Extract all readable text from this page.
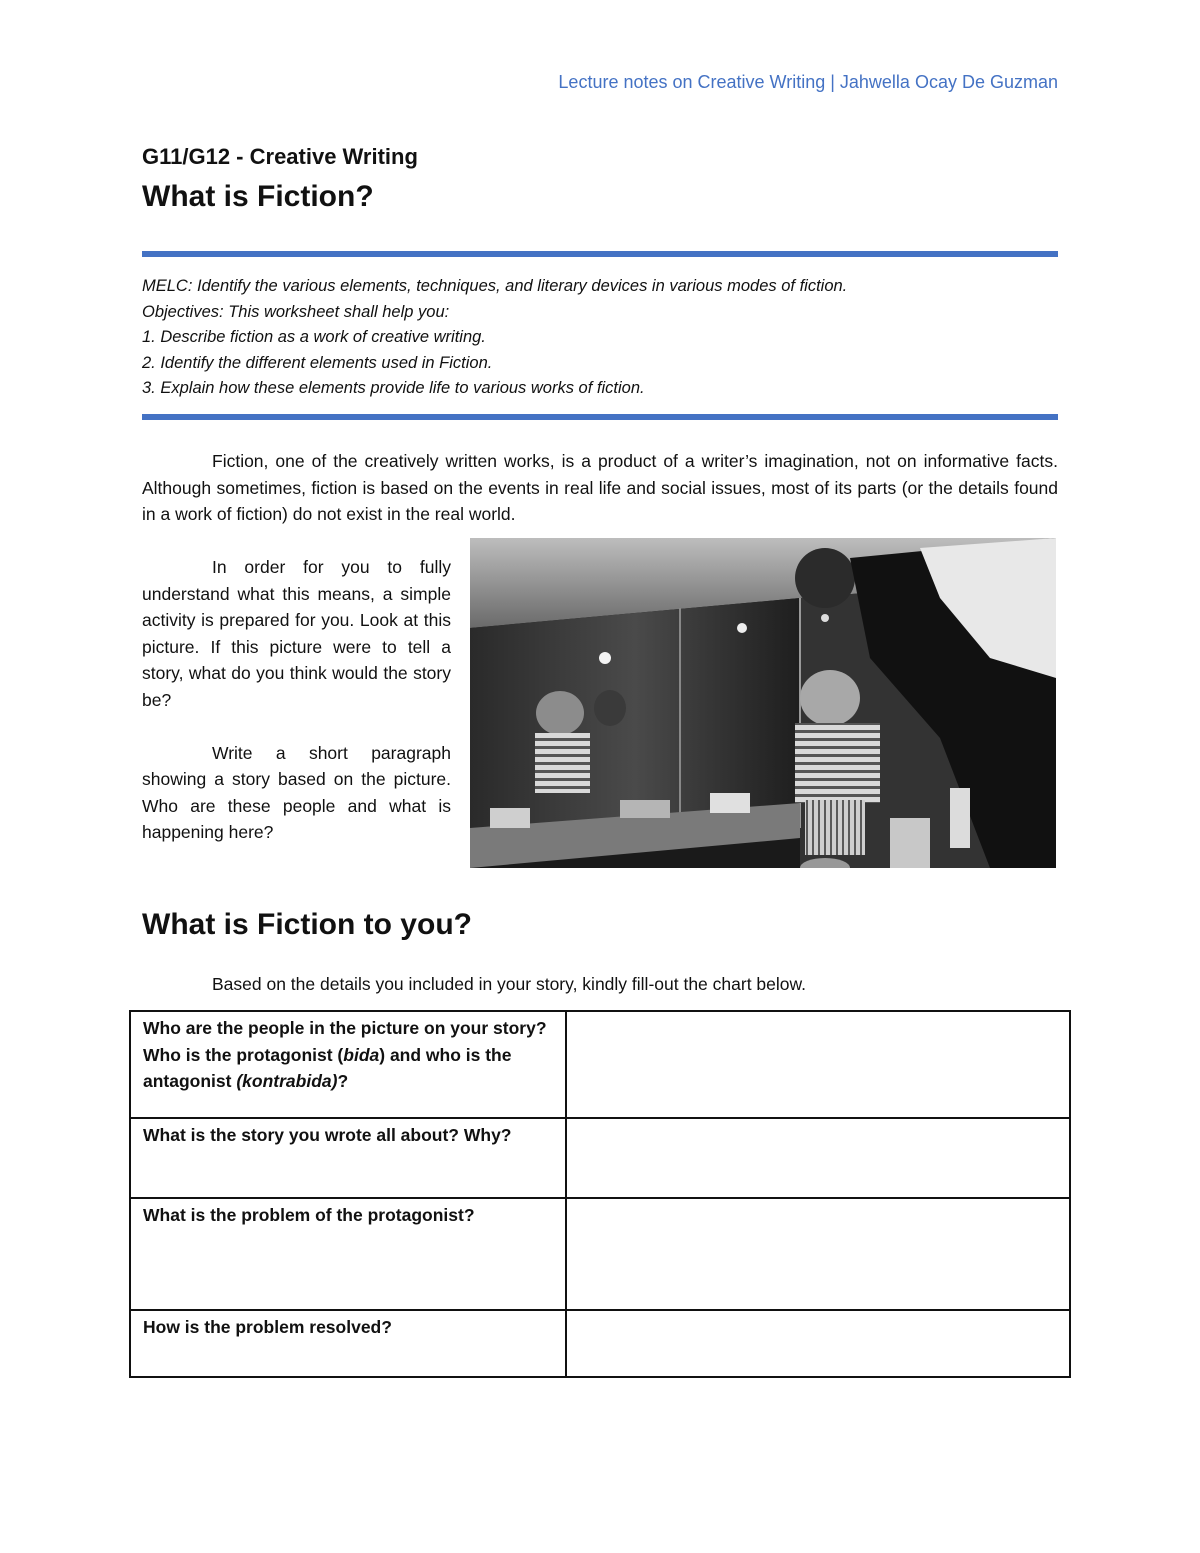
Lecture notes on Creative Writing | Jahwella Ocay De Guzman
G11/G12 - Creative Writing
What is Fiction?
MELC: Identify the various elements, techniques, and literary devices in various modes of fiction.
Objectives: This worksheet shall help you:
1. Describe fiction as a work of creative writing.
2. Identify the different elements used in Fiction.
3. Explain how these elements provide life to various works of fiction.

Fiction, one of the creatively written works, is a product of a writer’s imagination, not on informative facts. Although sometimes, fiction is based on the events in real life and social issues, most of its parts (or the details found in a work of fiction) do not exist in the real world.

In order for you to fully understand what this means, a simple activity is prepared for you. Look at this picture. If this picture were to tell a story, what do you think would the story be?

Write a short paragraph showing a story based on the picture. Who are these people and what is happening here?

What is Fiction to you?
Based on the details you included in your story, kindly fill-out the chart below.
Who are the people in the picture on your story? Who is the protagonist (bida) and who is the antagonist (kontrabida)?	
What is the story you wrote all about? Why?	
What is the problem of the protagonist?	
How is the problem resolved?	
